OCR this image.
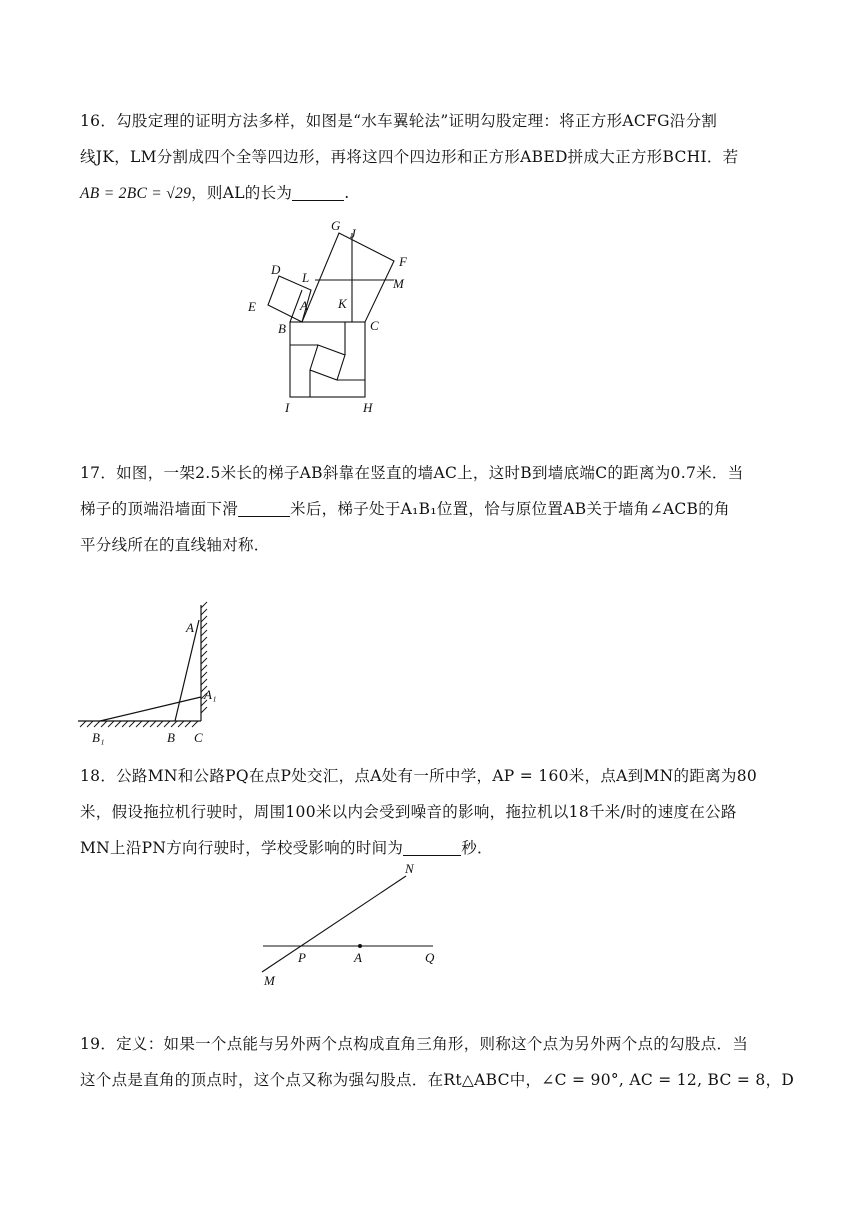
16．勾股定理的证明方法多样，如图是“水车翼轮法”证明勾股定理：将正方形ACFG沿分割
线JK，LM分割成四个全等四边形，再将这四个四边形和正方形ABED拼成大正方形BCHI．若
AB = 2BC = √29，则AL的长为	.
G
J
F
D
L	M
E	A K
B	C
I	H
17．如图，一架2.5米长的梯子AB斜靠在竖直的墙AC上，这时B到墙底端C的距离为0.7米．当
梯子的顶端沿墙面下滑	米后，梯子处于A₁B₁位置，恰与原位置AB关于墙角∠ACB的角
平分线所在的直线轴对称．
A
A₁
B₁	B C
18．公路MN和公路PQ在点P处交汇，点A处有一所中学，AP = 160米，点A到MN的距离为80
米，假设拖拉机行驶时，周围100米以内会受到噪音的影响，拖拉机以18千米/时的速度在公路
MN上沿PN方向行驶时，学校受影响的时间为	秒．
N
P	A	Q
M
19．定义：如果一个点能与另外两个点构成直角三角形，则称这个点为另外两个点的勾股点．当
这个点是直角的顶点时，这个点又称为强勾股点．在Rt△ABC中，∠C = 90°, AC = 12, BC = 8，D
